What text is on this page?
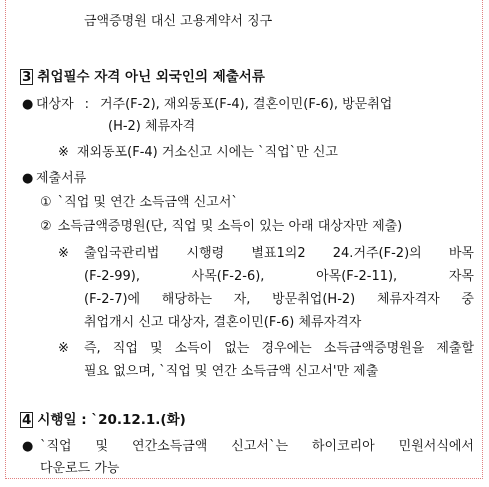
금액증명원 대신 고용계약서 징구
3 취업필수 자격 아닌 외국인의 제출서류
● 대상자 : 거주(F-2), 재외동포(F-4), 결혼이민(F-6), 방문취업
(H-2) 체류자격
※ 재외동포(F-4) 거소신고 시에는 `직업`만 신고
● 제출서류
① `직업 및 연간 소득금액 신고서`
② 소득금액증명원(단, 직업 및 소득이 있는 아래 대상자만 제출)
※ 출입국관리법 시행령 별표1의2 24.거주(F-2)의 바목
(F-2-99), 사목(F-2-6), 아목(F-2-11), 자목
(F-2-7)에 해당하는 자, 방문취업(H-2) 체류자격자 중
취업개시 신고 대상자, 결혼이민(F-6) 체류자격자
※ 즉, 직업 및 소득이 없는 경우에는 소득금액증명원을 제출할
필요 없으며, `직업 및 연간 소득금액 신고서'만 제출
4 시행일 : `20.12.1.(화)
● `직업 및 연간소득금액 신고서`는 하이코리아 민원서식에서
다운로드 가능
